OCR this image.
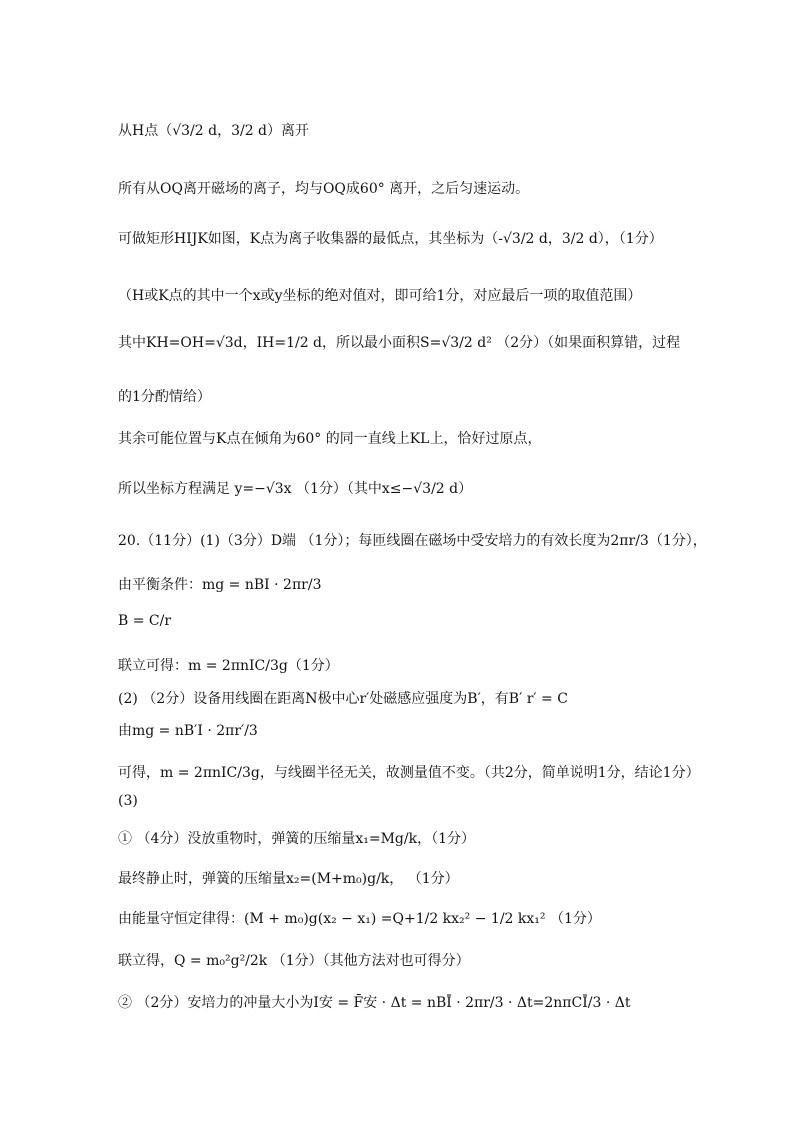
从H点（√3/2 d，3/2 d）离开
所有从OQ离开磁场的离子，均与OQ成60° 离开，之后匀速运动。
可做矩形HIJK如图，K点为离子收集器的最低点，其坐标为（-√3/2 d，3/2 d），（1分）
（H或K点的其中一个x或y坐标的绝对值对，即可给1分，对应最后一项的取值范围）
其中KH=OH=√3d，IH=1/2 d，所以最小面积S=√3/2 d² （2分）（如果面积算错，过程
的1分酌情给）
其余可能位置与K点在倾角为60° 的同一直线上KL上，恰好过原点，
所以坐标方程满足 y=−√3x （1分）（其中x≤−√3/2 d）
20.（11分）(1)（3分）D端 （1分）；每匝线圈在磁场中受安培力的有效长度为2πr/3（1分），
由平衡条件：mg = nBI · 2πr/3
B = C/r
联立可得：m = 2πnIC/3g（1分）
(2) （2分）设备用线圈在距离N极中心r′处磁感应强度为B′，有B′ r′ = C
由mg = nB′I · 2πr′/3
可得，m = 2πnIC/3g，与线圈半径无关，故测量值不变。（共2分，简单说明1分，结论1分）
(3)
① （4分）没放重物时，弹簧的压缩量x₁=Mg/k，（1分）
最终静止时，弹簧的压缩量x₂=(M+m₀)g/k， （1分）
由能量守恒定律得：(M + m₀)g(x₂ − x₁) =Q+1/2 kx₂² − 1/2 kx₁² （1分）
联立得，Q = m₀²g²/2k （1分）（其他方法对也可得分）
② （2分）安培力的冲量大小为I安 = F̄安 · Δt = nBĪ · 2πr/3 · Δt=2nπCĪ/3 · Δt
